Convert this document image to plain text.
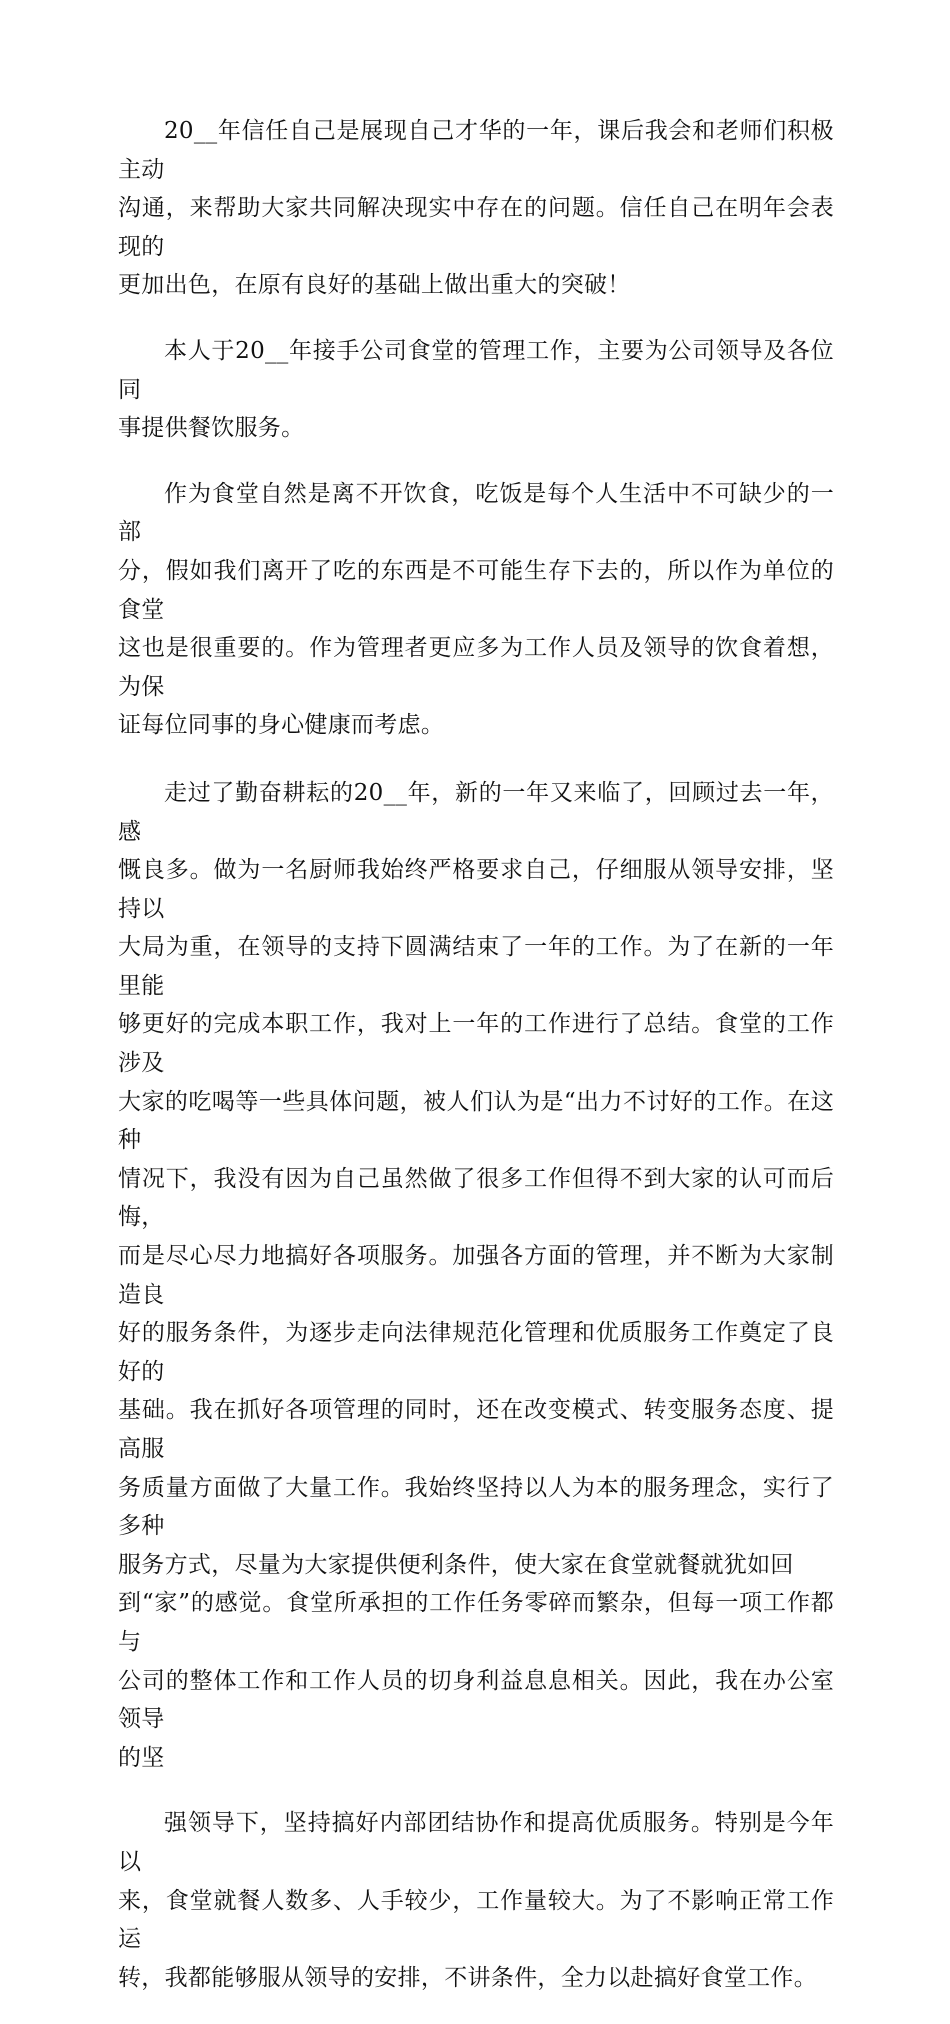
20__年信任自己是展现自己才华的一年，课后我会和老师们积极主动
沟通，来帮助大家共同解决现实中存在的问题。信任自己在明年会表现的
更加出色，在原有良好的基础上做出重大的突破！

本人于20__年接手公司食堂的管理工作，主要为公司领导及各位同
事提供餐饮服务。

作为食堂自然是离不开饮食，吃饭是每个人生活中不可缺少的一部
分，假如我们离开了吃的东西是不可能生存下去的，所以作为单位的食堂
这也是很重要的。作为管理者更应多为工作人员及领导的饮食着想，为保
证每位同事的身心健康而考虑。

走过了勤奋耕耘的20__年，新的一年又来临了，回顾过去一年，感
慨良多。做为一名厨师我始终严格要求自己，仔细服从领导安排，坚持以
大局为重，在领导的支持下圆满结束了一年的工作。为了在新的一年里能
够更好的完成本职工作，我对上一年的工作进行了总结。食堂的工作涉及
大家的吃喝等一些具体问题，被人们认为是“出力不讨好的工作。在这种
情况下，我没有因为自己虽然做了很多工作但得不到大家的认可而后悔，
而是尽心尽力地搞好各项服务。加强各方面的管理，并不断为大家制造良
好的服务条件，为逐步走向法律规范化管理和优质服务工作奠定了良好的
基础。我在抓好各项管理的同时，还在改变模式、转变服务态度、提高服
务质量方面做了大量工作。我始终坚持以人为本的服务理念，实行了多种
服务方式，尽量为大家提供便利条件，使大家在食堂就餐就犹如回
到“家”的感觉。食堂所承担的工作任务零碎而繁杂，但每一项工作都与
公司的整体工作和工作人员的切身利益息息相关。因此，我在办公室领导
的坚

强领导下，坚持搞好内部团结协作和提高优质服务。特别是今年以
来，食堂就餐人数多、人手较少，工作量较大。为了不影响正常工作运
转，我都能够服从领导的安排，不讲条件，全力以赴搞好食堂工作。
